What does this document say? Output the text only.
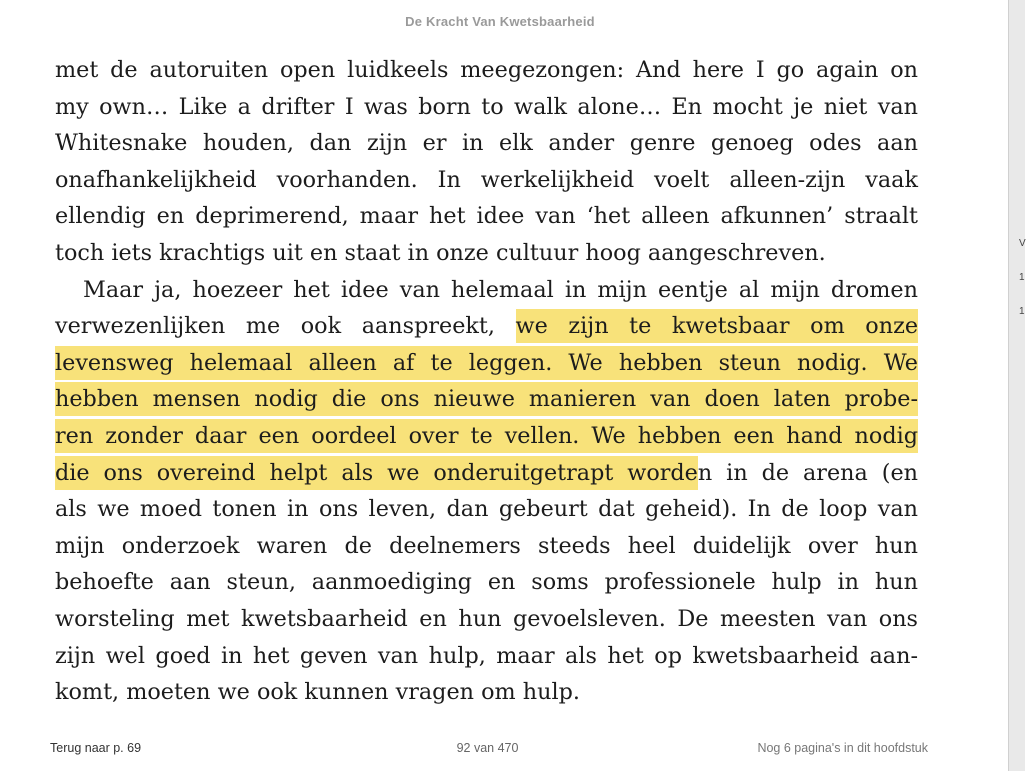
De Kracht Van Kwetsbaarheid
met de autoruiten open luidkeels meegezongen: And here I go again on
my own… Like a drifter I was born to walk alone… En mocht je niet van
Whitesnake houden, dan zijn er in elk ander genre genoeg odes aan
onafhankelijkheid voorhanden. In werkelijkheid voelt alleen-zijn vaak
ellendig en deprimerend, maar het idee van ‘het alleen afkunnen’ straalt
toch iets krachtigs uit en staat in onze cultuur hoog aangeschreven.
Maar ja, hoezeer het idee van helemaal in mijn eentje al mijn dromen
verwezenlijken me ook aanspreekt, we zijn te kwetsbaar om onze
levensweg helemaal alleen af te leggen. We hebben steun nodig. We
hebben mensen nodig die ons nieuwe manieren van doen laten probe-
ren zonder daar een oordeel over te vellen. We hebben een hand nodig
die ons overeind helpt als we onderuitgetrapt worden in de arena (en
als we moed tonen in ons leven, dan gebeurt dat geheid). In de loop van
mijn onderzoek waren de deelnemers steeds heel duidelijk over hun
behoefte aan steun, aanmoediging en soms professionele hulp in hun
worsteling met kwetsbaarheid en hun gevoelsleven. De meesten van ons
zijn wel goed in het geven van hulp, maar als het op kwetsbaarheid aan-
komt, moeten we ook kunnen vragen om hulp.
Terug naar p. 69	92 van 470	Nog 6 pagina's in dit hoofdstuk
V
1
1
